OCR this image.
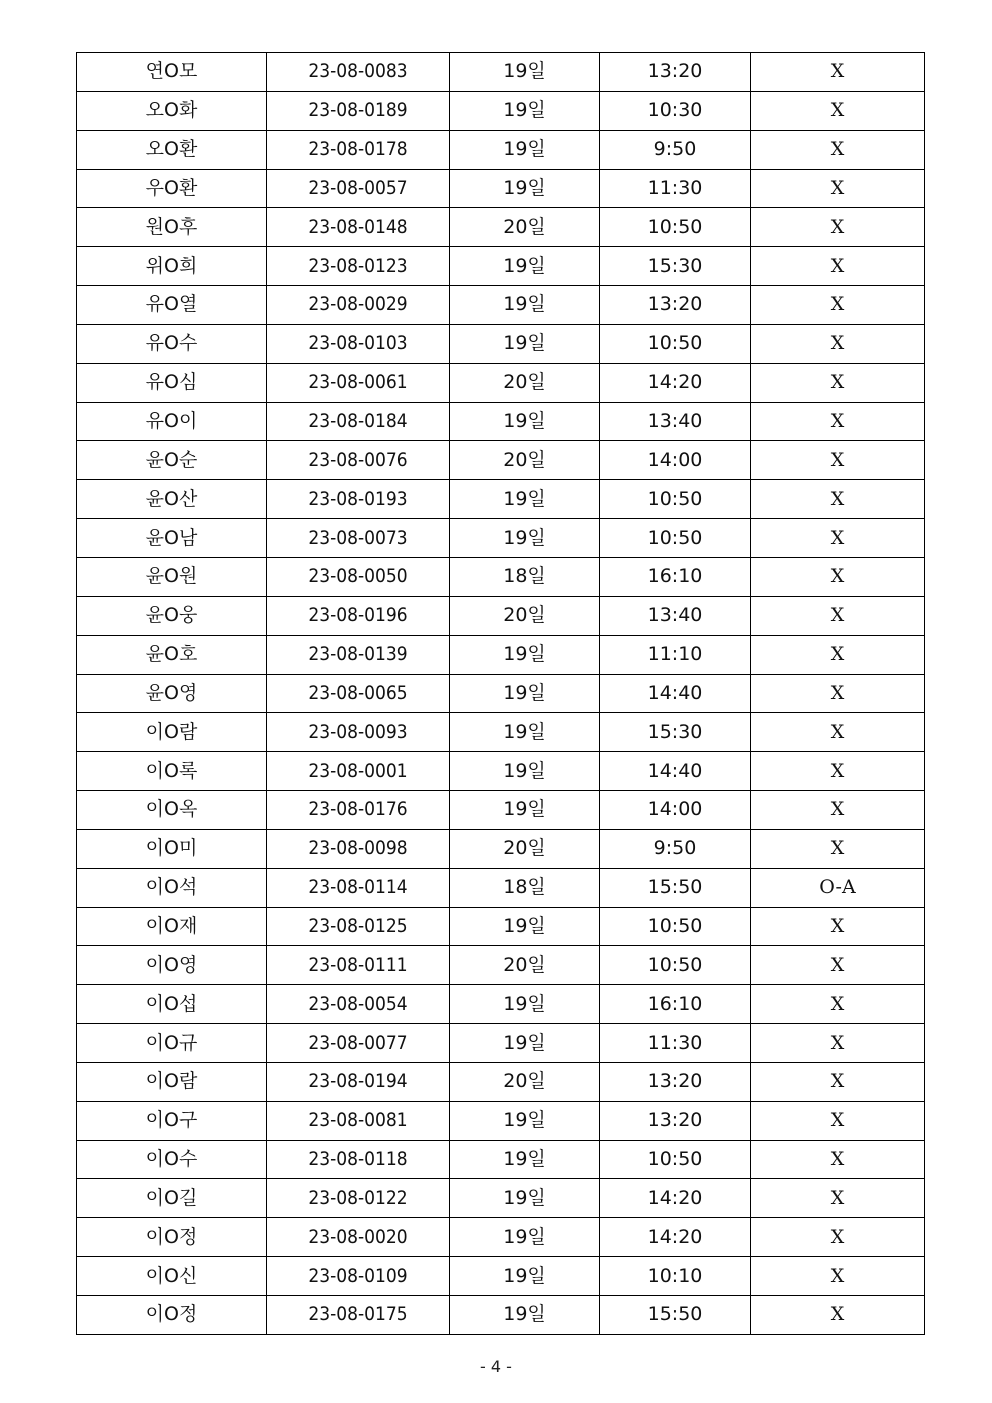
연O모	23-08-0083	19일	13:20	X
오O화	23-08-0189	19일	10:30	X
오O환	23-08-0178	19일	9:50	X
우O환	23-08-0057	19일	11:30	X
원O후	23-08-0148	20일	10:50	X
위O희	23-08-0123	19일	15:30	X
유O열	23-08-0029	19일	13:20	X
유O수	23-08-0103	19일	10:50	X
유O심	23-08-0061	20일	14:20	X
유O이	23-08-0184	19일	13:40	X
윤O순	23-08-0076	20일	14:00	X
윤O산	23-08-0193	19일	10:50	X
윤O남	23-08-0073	19일	10:50	X
윤O원	23-08-0050	18일	16:10	X
윤O웅	23-08-0196	20일	13:40	X
윤O호	23-08-0139	19일	11:10	X
윤O영	23-08-0065	19일	14:40	X
이O람	23-08-0093	19일	15:30	X
이O록	23-08-0001	19일	14:40	X
이O옥	23-08-0176	19일	14:00	X
이O미	23-08-0098	20일	9:50	X
이O석	23-08-0114	18일	15:50	O-A
이O재	23-08-0125	19일	10:50	X
이O영	23-08-0111	20일	10:50	X
이O섭	23-08-0054	19일	16:10	X
이O규	23-08-0077	19일	11:30	X
이O람	23-08-0194	20일	13:20	X
이O구	23-08-0081	19일	13:20	X
이O수	23-08-0118	19일	10:50	X
이O길	23-08-0122	19일	14:20	X
이O정	23-08-0020	19일	14:20	X
이O신	23-08-0109	19일	10:10	X
이O정	23-08-0175	19일	15:50	X
- 4 -
